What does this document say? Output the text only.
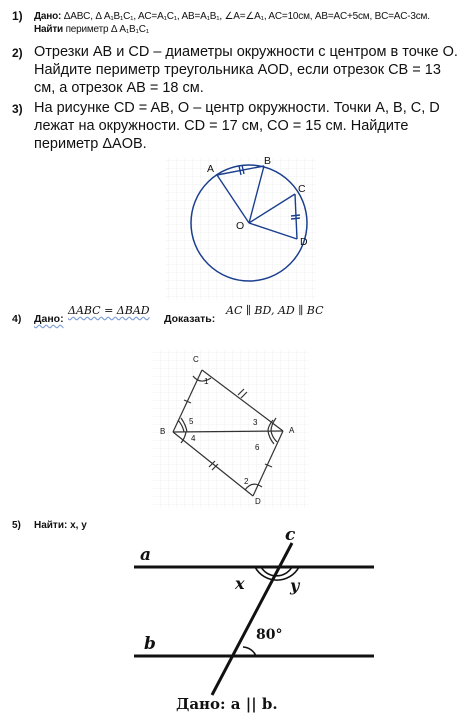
1) Дано: ΔABC, Δ A₁B₁C₁, AC=A₁C₁, AB=A₁B₁, ∠A=∠A₁, AC=10см, AB=AC+5см, BC=AC-3см.
Найти периметр Δ A₁B₁C₁
2) Отрезки AB и CD – диаметры окружности с центром в точке O. Найдите периметр треугольника AOD, если отрезок CB = 13 см, а отрезок AB = 18 см.
3) На рисунке CD = AB, O – центр окружности. Точки A, B, C, D лежат на окружности. CD = 17 см, CO = 15 см. Найдите периметр ΔAOB.
A
B
C
D
O
4) Дано:
ΔABC = ΔBAD
Доказать:
AC ∥ BD, AD ∥ BC
C
B	A
D
1
2
3
4
5
6
5) Найти: x, y
a
b
c
x	y
80°
Дано: a || b.
